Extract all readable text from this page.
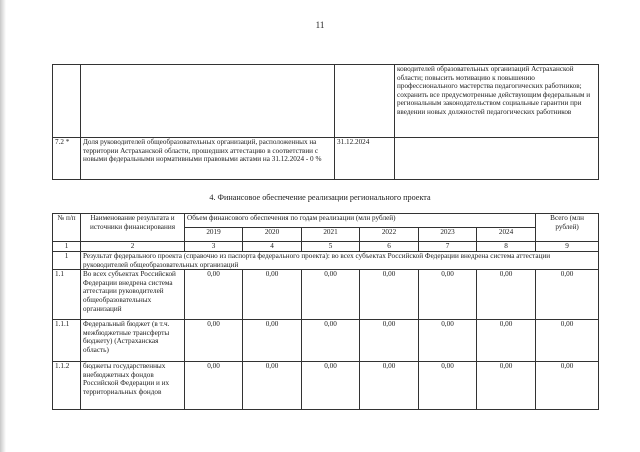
11
			ководителей образовательных организаций Астраханской области; повысить мотивацию к повышению профессионального мастерства педагогических работников; сохранить все предусмотренные действующим федеральным и региональным законодательством социальные гарантии при введении новых должностей педагогических работников
7.2 *	Доля руководителей общеобразовательных организаций, расположенных на территории Астраханской области, прошедших аттестацию в соответствии с новыми федеральными нормативными правовыми актами на 31.12.2024 - 0 %	31.12.2024	
4. Финансовое обеспечение реализации регионального проекта
№ п/п	Наименование результата и источники финансирования	Объем финансового обеспечения по годам реализации (млн рублей)						Всего (млн рублей)
		2019	2020	2021	2022	2023	2024	
1	2	3	4	5	6	7	8	9
1	Результат федерального проекта (справочно из паспорта федерального проекта): во всех субъектах Российской Федерации внедрена система аттестации руководителей общеобразовательных организаций							
1.1	Во всех субъектах Российской Федерации внедрена система аттестации руководителей общеобразовательных организаций	0,00	0,00	0,00	0,00	0,00	0,00	0,00
1.1.1	Федеральный бюджет (в т.ч. межбюджетные трансферты бюджету) (Астраханская область)	0,00	0,00	0,00	0,00	0,00	0,00	0,00
1.1.2	бюджеты государственных внебюджетных фондов Российской Федерации и их территориальных фондов	0,00	0,00	0,00	0,00	0,00	0,00	0,00
